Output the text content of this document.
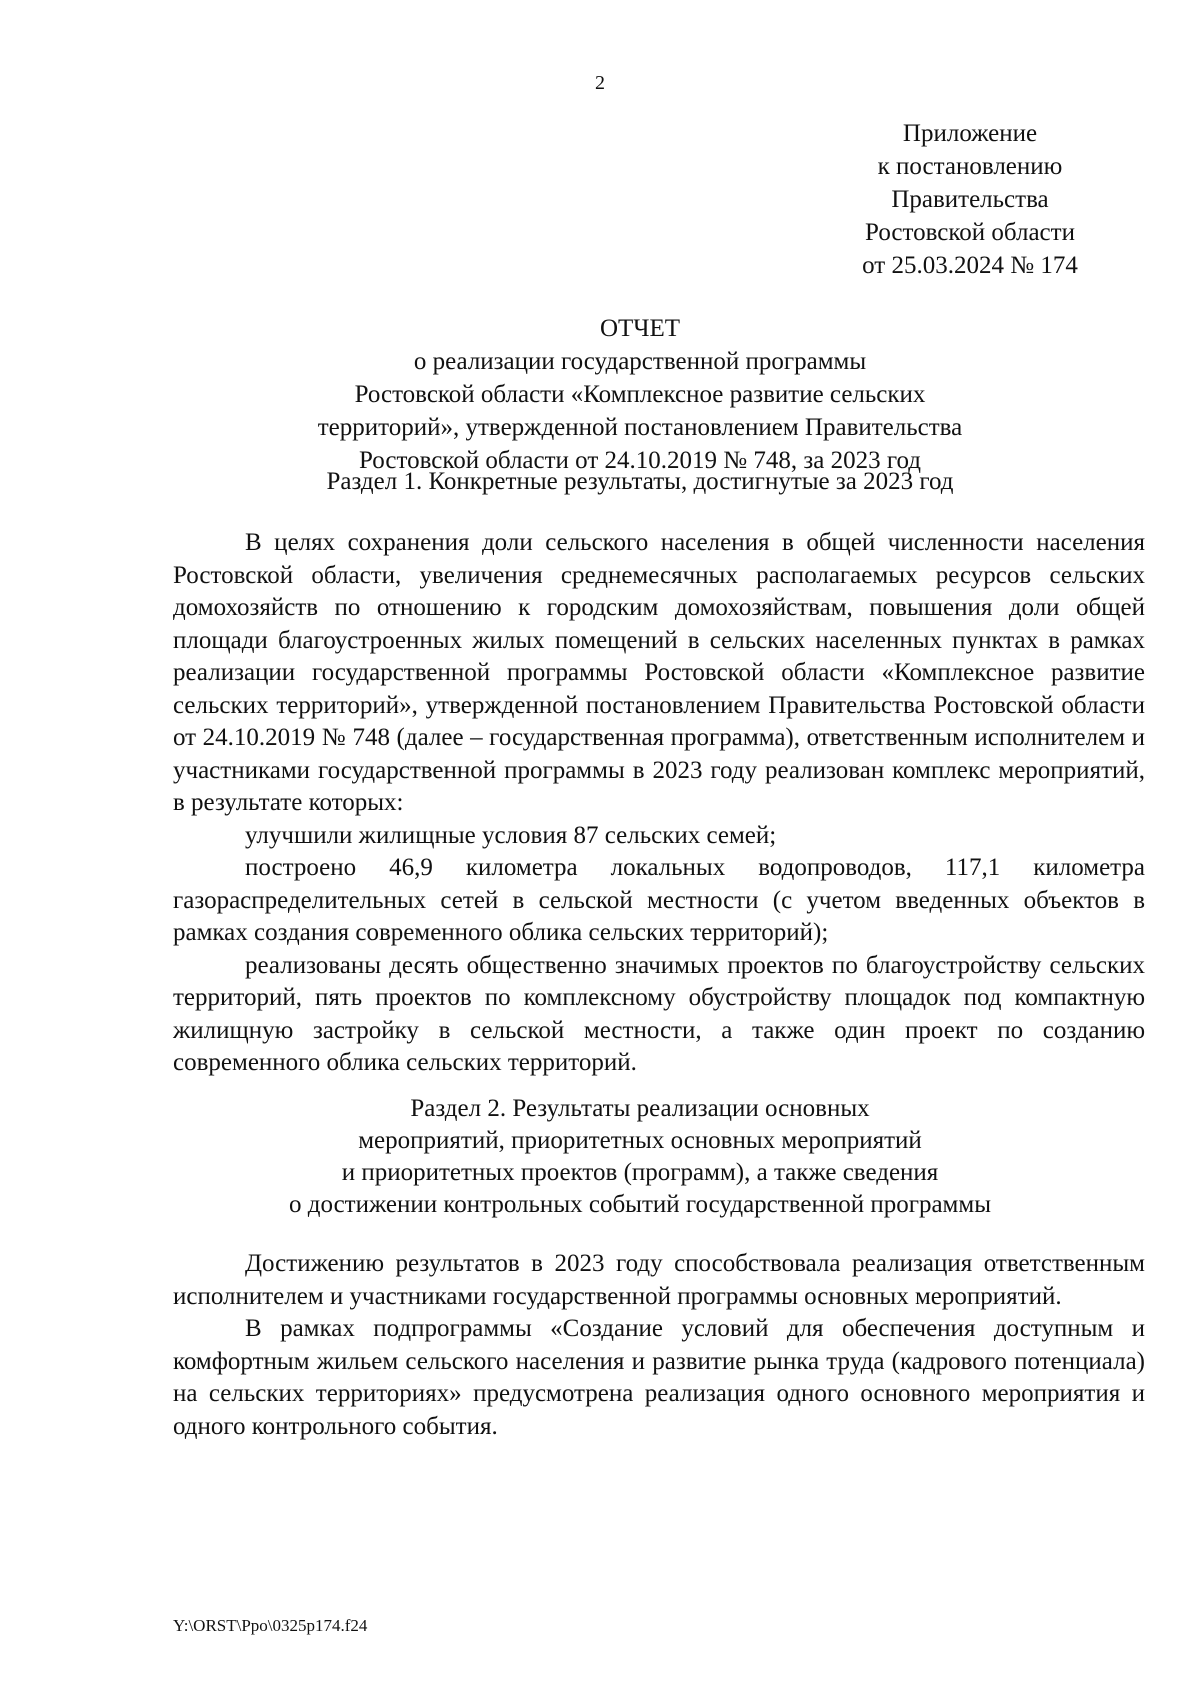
2
Приложение
к постановлению
Правительства
Ростовской области
от 25.03.2024 № 174
ОТЧЕТ
о реализации государственной программы
Ростовской области «Комплексное развитие сельских
территорий», утвержденной постановлением Правительства
Ростовской области от 24.10.2019 № 748, за 2023 год
Раздел 1. Конкретные результаты, достигнутые за 2023 год

В целях сохранения доли сельского населения в общей численности населения Ростовской области, увеличения среднемесячных располагаемых ресурсов сельских домохозяйств по отношению к городским домохозяйствам, повышения доли общей площади благоустроенных жилых помещений в сельских населенных пунктах в рамках реализации государственной программы Ростовской области «Комплексное развитие сельских территорий», утвержденной постановлением Правительства Ростовской области от 24.10.2019 № 748 (далее – государственная программа), ответственным исполнителем и участниками государственной программы в 2023 году реализован комплекс мероприятий, в результате которых:

улучшили жилищные условия 87 сельских семей;

построено 46,9 километра локальных водопроводов, 117,1 километра газораспределительных сетей в сельской местности (с учетом введенных объектов в рамках создания современного облика сельских территорий);

реализованы десять общественно значимых проектов по благоустройству сельских территорий, пять проектов по комплексному обустройству площадок под компактную жилищную застройку в сельской местности, а также один проект по созданию современного облика сельских территорий.

Раздел 2. Результаты реализации основных
мероприятий, приоритетных основных мероприятий
и приоритетных проектов (программ), а также сведения
о достижении контрольных событий государственной программы

Достижению результатов в 2023 году способствовала реализация ответственным исполнителем и участниками государственной программы основных мероприятий.

В рамках подпрограммы «Создание условий для обеспечения доступным и комфортным жильем сельского населения и развитие рынка труда (кадрового потенциала) на сельских территориях» предусмотрена реализация одного основного мероприятия и одного контрольного события.

Y:\ORST\Ppo\0325p174.f24
